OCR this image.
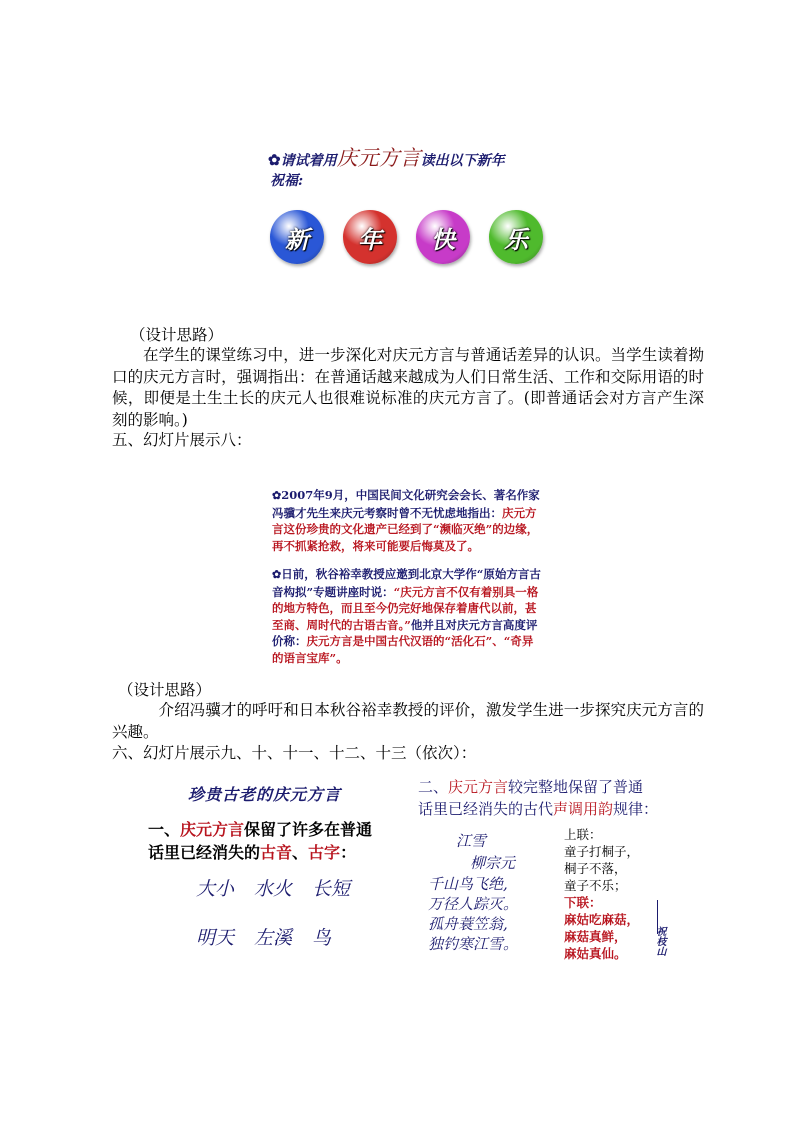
✿请试着用庆元方言读出以下新年
祝福:
新 年 快 乐
（设计思路）
在学生的课堂练习中，进一步深化对庆元方言与普通话差异的认识。当学生读着拗口的庆元方言时，强调指出：在普通话越来越成为人们日常生活、工作和交际用语的时候，即便是土生土长的庆元人也很难说标准的庆元方言了。(即普通话会对方言产生深刻的影响。)
五、幻灯片展示八：
✿2007年9月，中国民间文化研究会会长、著名作家冯骥才先生来庆元考察时曾不无忧虑地指出：庆元方言这份珍贵的文化遗产已经到了“濒临灭绝”的边缘，再不抓紧抢救，将来可能要后悔莫及了。
✿日前，秋谷裕幸教授应邀到北京大学作“原始方言古音构拟”专题讲座时说：“庆元方言不仅有着别具一格的地方特色，而且至今仍完好地保存着唐代以前，甚至商、周时代的古语古音。”他并且对庆元方言高度评价称：庆元方言是中国古代汉语的“活化石”、“奇异的语言宝库”。
（设计思路）
介绍冯骥才的呼吁和日本秋谷裕幸教授的评价，激发学生进一步探究庆元方言的兴趣。
六、幻灯片展示九、十、十一、十二、十三（依次）：
珍贵古老的庆元方言
一、庆元方言保留了许多在普通
话里已经消失的古音、古字：
大小 水火 长短
明天 左溪 鸟
二、庆元方言较完整地保留了普通
话里已经消失的古代声调用韵规律：
江雪
柳宗元
千山鸟飞绝,
万径人踪灭。
孤舟蓑笠翁,
独钓寒江雪。
上联：
童子打桐子，
桐子不落，
童子不乐；
下联：
麻姑吃麻菇，
麻菇真鲜，
麻姑真仙。	祝枝山
